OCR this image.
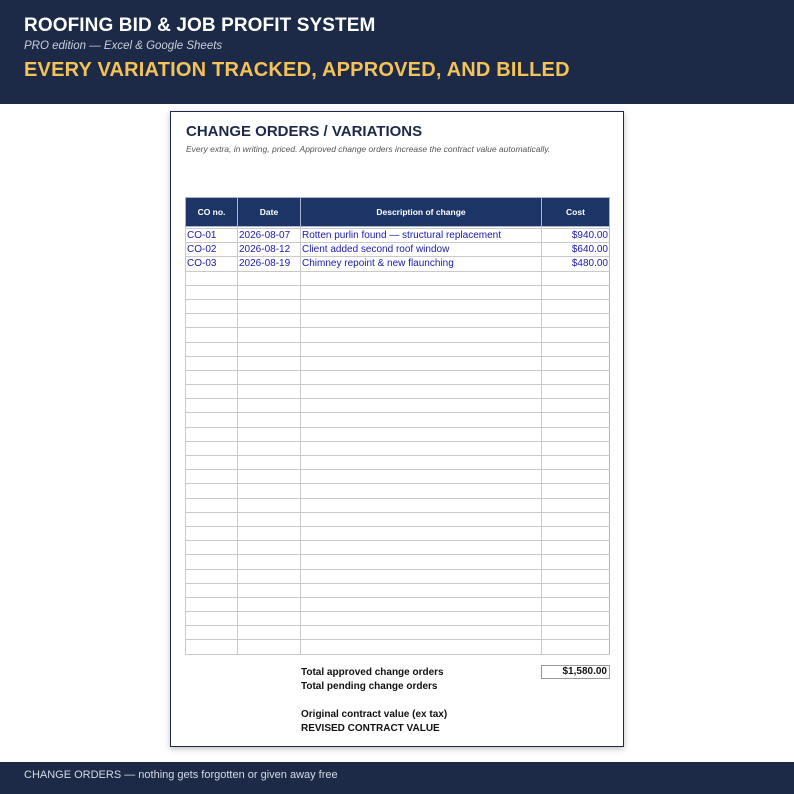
ROOFING BID & JOB PROFIT SYSTEM
PRO edition — Excel & Google Sheets
EVERY VARIATION TRACKED, APPROVED, AND BILLED
CHANGE ORDERS / VARIATIONS
Every extra, in writing, priced. Approved change orders increase the contract value automatically.
CO no.	Date	Description of change	Cost

CO-01	2026-08-07	Rotten purlin found — structural replacement	$940.00
CO-02	2026-08-12	Client added second roof window	$640.00
CO-03	2026-08-19	Chimney repoint & new flaunching	$480.00

Total approved change orders	$1,580.00
Total pending change orders
Original contract value (ex tax)
REVISED CONTRACT VALUE
CHANGE ORDERS — nothing gets forgotten or given away free
